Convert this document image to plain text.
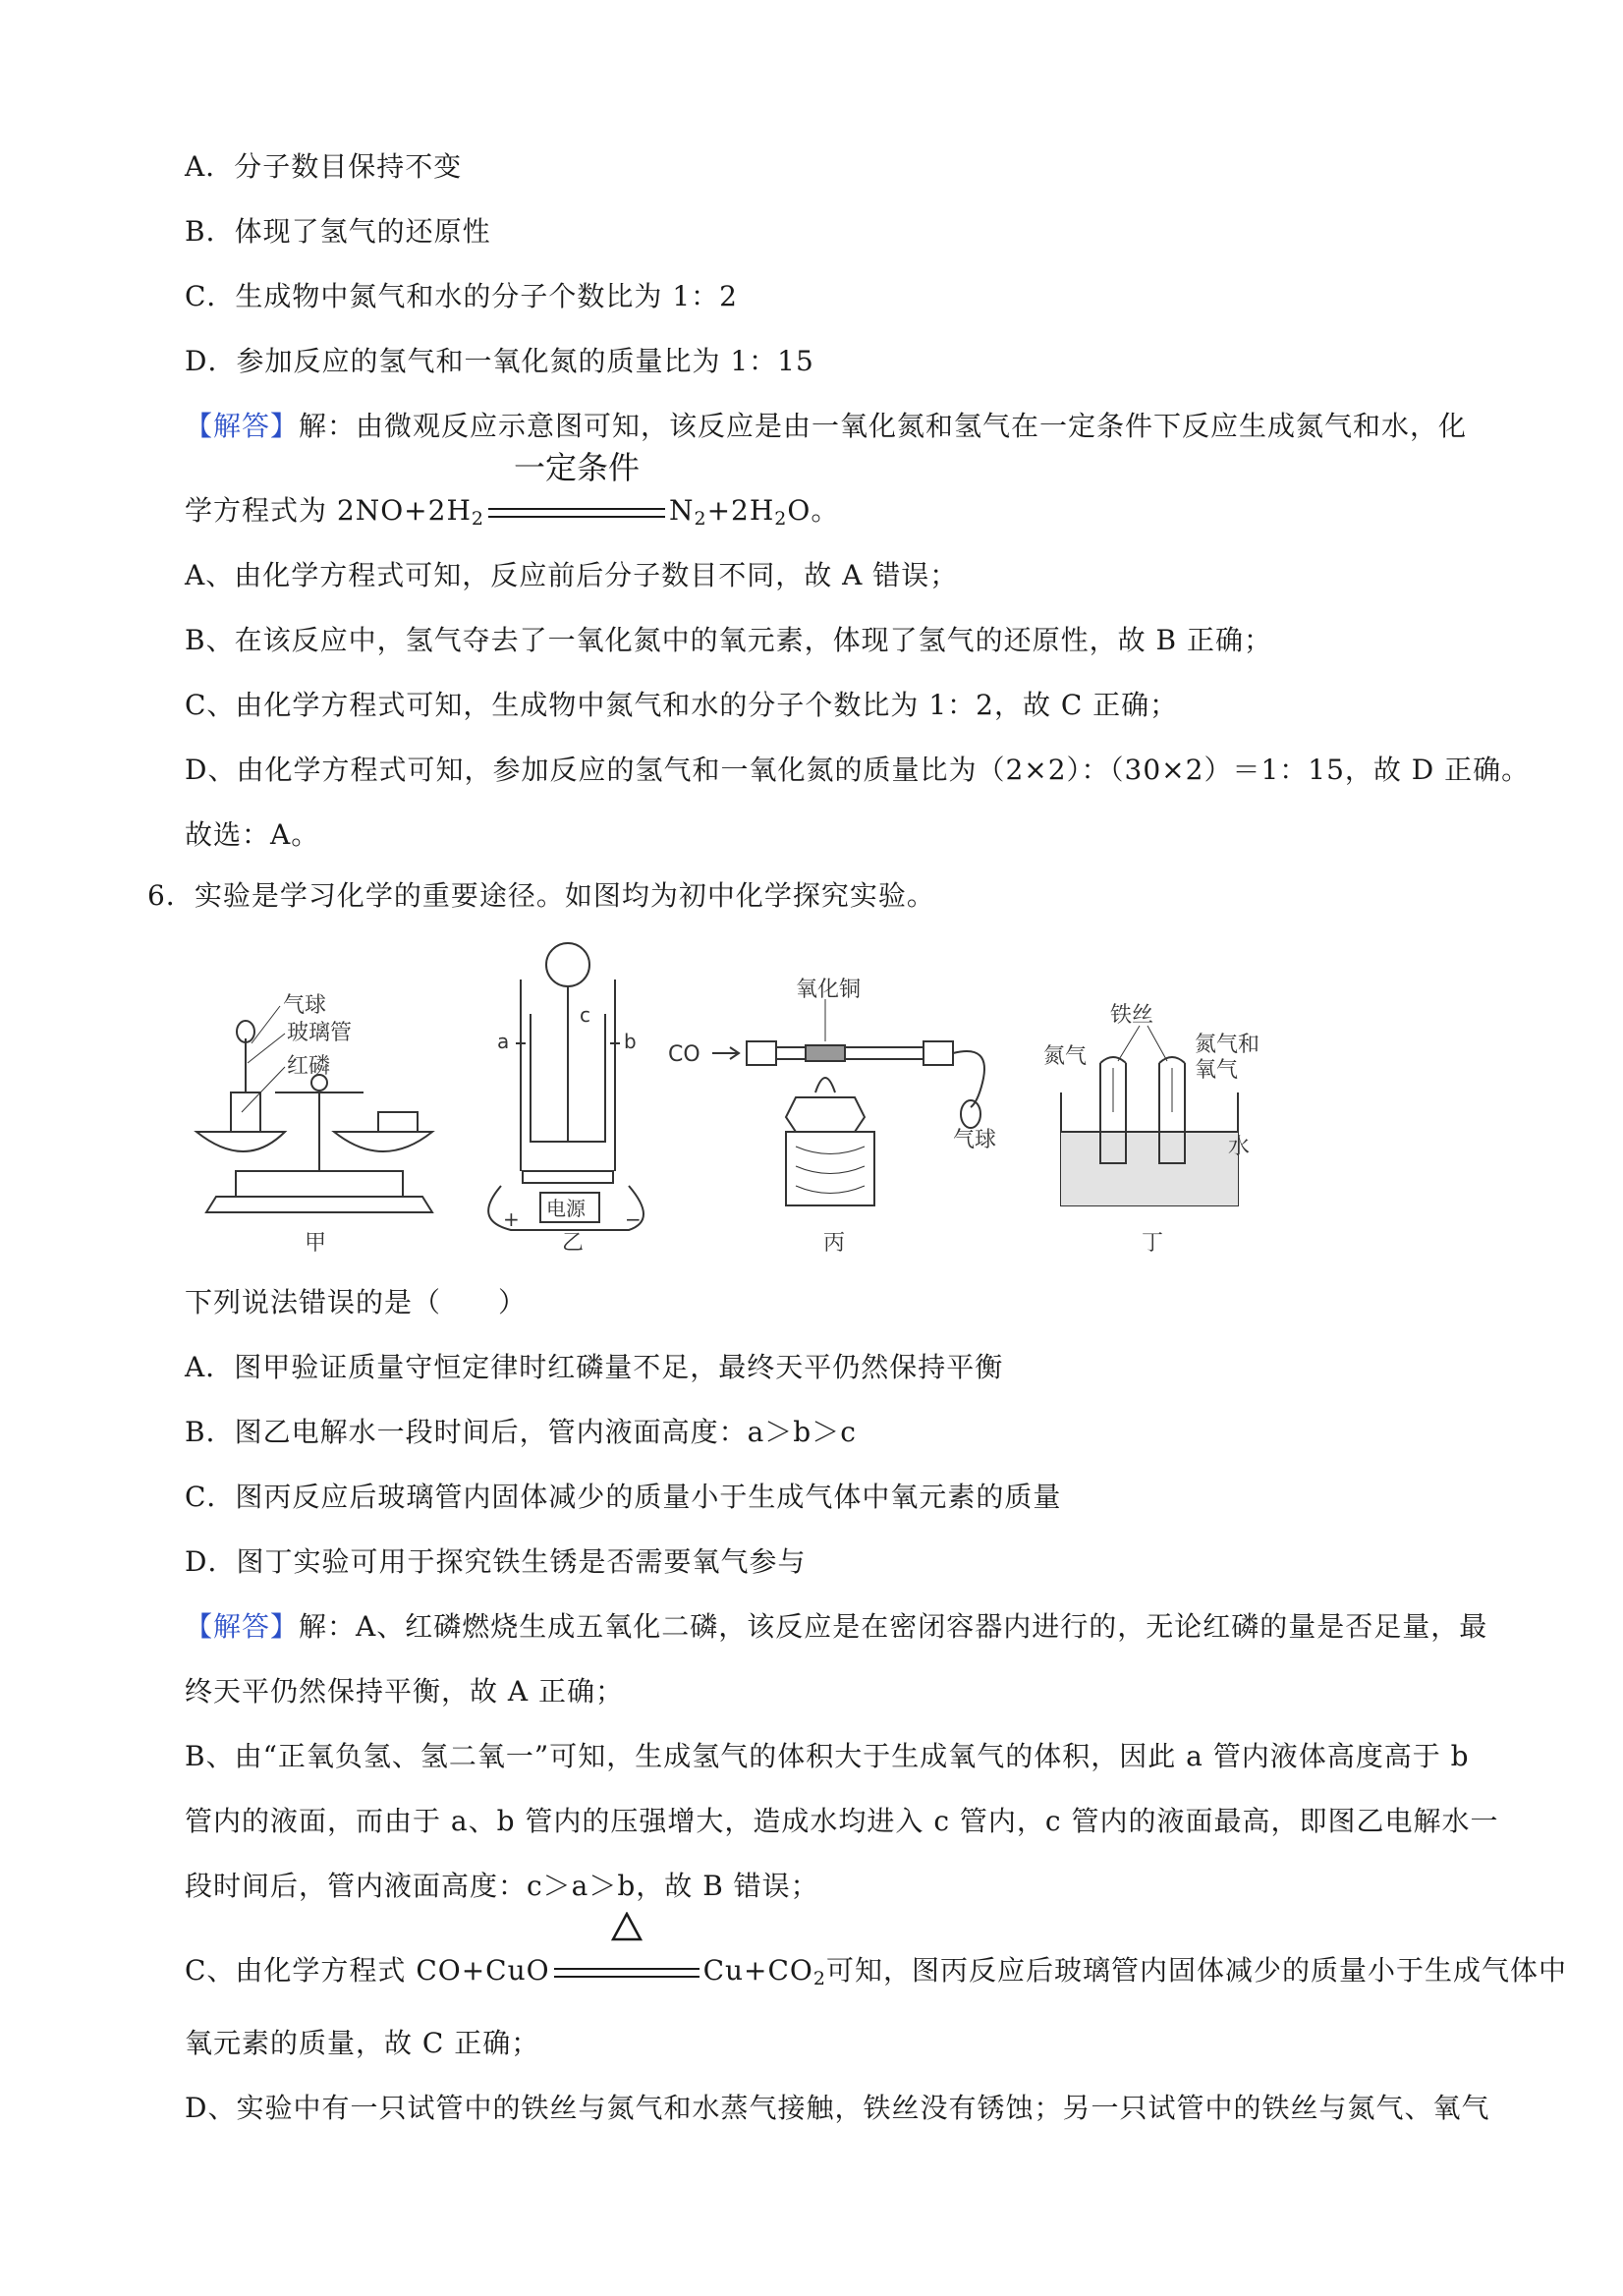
A．分子数目保持不变
B．体现了氢气的还原性
C．生成物中氮气和水的分子个数比为 1：2
D．参加反应的氢气和一氧化氮的质量比为 1：15
【解答】解：由微观反应示意图可知，该反应是由一氧化氮和氢气在一定条件下反应生成氮气和水，化
学方程式为 $2NO+2H_2$
一定条件
$N_2+2H_2O$。
A、由化学方程式可知，反应前后分子数目不同，故 A 错误；
B、在该反应中，氢气夺去了一氧化氮中的氧元素，体现了氢气的还原性，故 B 正确；
C、由化学方程式可知，生成物中氮气和水的分子个数比为 1：2，故 C 正确；
D、由化学方程式可知，参加反应的氢气和一氧化氮的质量比为（2×2）：（30×2）＝1：15，故 D 正确。
故选：A。
6．实验是学习化学的重要途径。如图均为初中化学探究实验。
气球
玻璃管
红磷
甲
a
c
b
电源
+	−
乙
氧化铜
CO
气球
丙
铁丝
氮气	氮气和
氧气
水
丁
下列说法错误的是（　　）
A．图甲验证质量守恒定律时红磷量不足，最终天平仍然保持平衡
B．图乙电解水一段时间后，管内液面高度：a＞b＞c
C．图丙反应后玻璃管内固体减少的质量小于生成气体中氧元素的质量
D．图丁实验可用于探究铁生锈是否需要氧气参与
【解答】解：A、红磷燃烧生成五氧化二磷，该反应是在密闭容器内进行的，无论红磷的量是否足量，最
终天平仍然保持平衡，故 A 正确；
B、由“正氧负氢、氢二氧一”可知，生成氢气的体积大于生成氧气的体积，因此 a 管内液体高度高于 b
管内的液面，而由于 a、b 管内的压强增大，造成水均进入 c 管内，c 管内的液面最高，即图乙电解水一
段时间后，管内液面高度：c＞a＞b，故 B 错误；
C、由化学方程式 CO+CuO	$Cu+CO_2$可知，图丙反应后玻璃管内固体减少的质量小于生成气体中
氧元素的质量，故 C 正确；
D、实验中有一只试管中的铁丝与氮气和水蒸气接触，铁丝没有锈蚀；另一只试管中的铁丝与氮气、氧气
